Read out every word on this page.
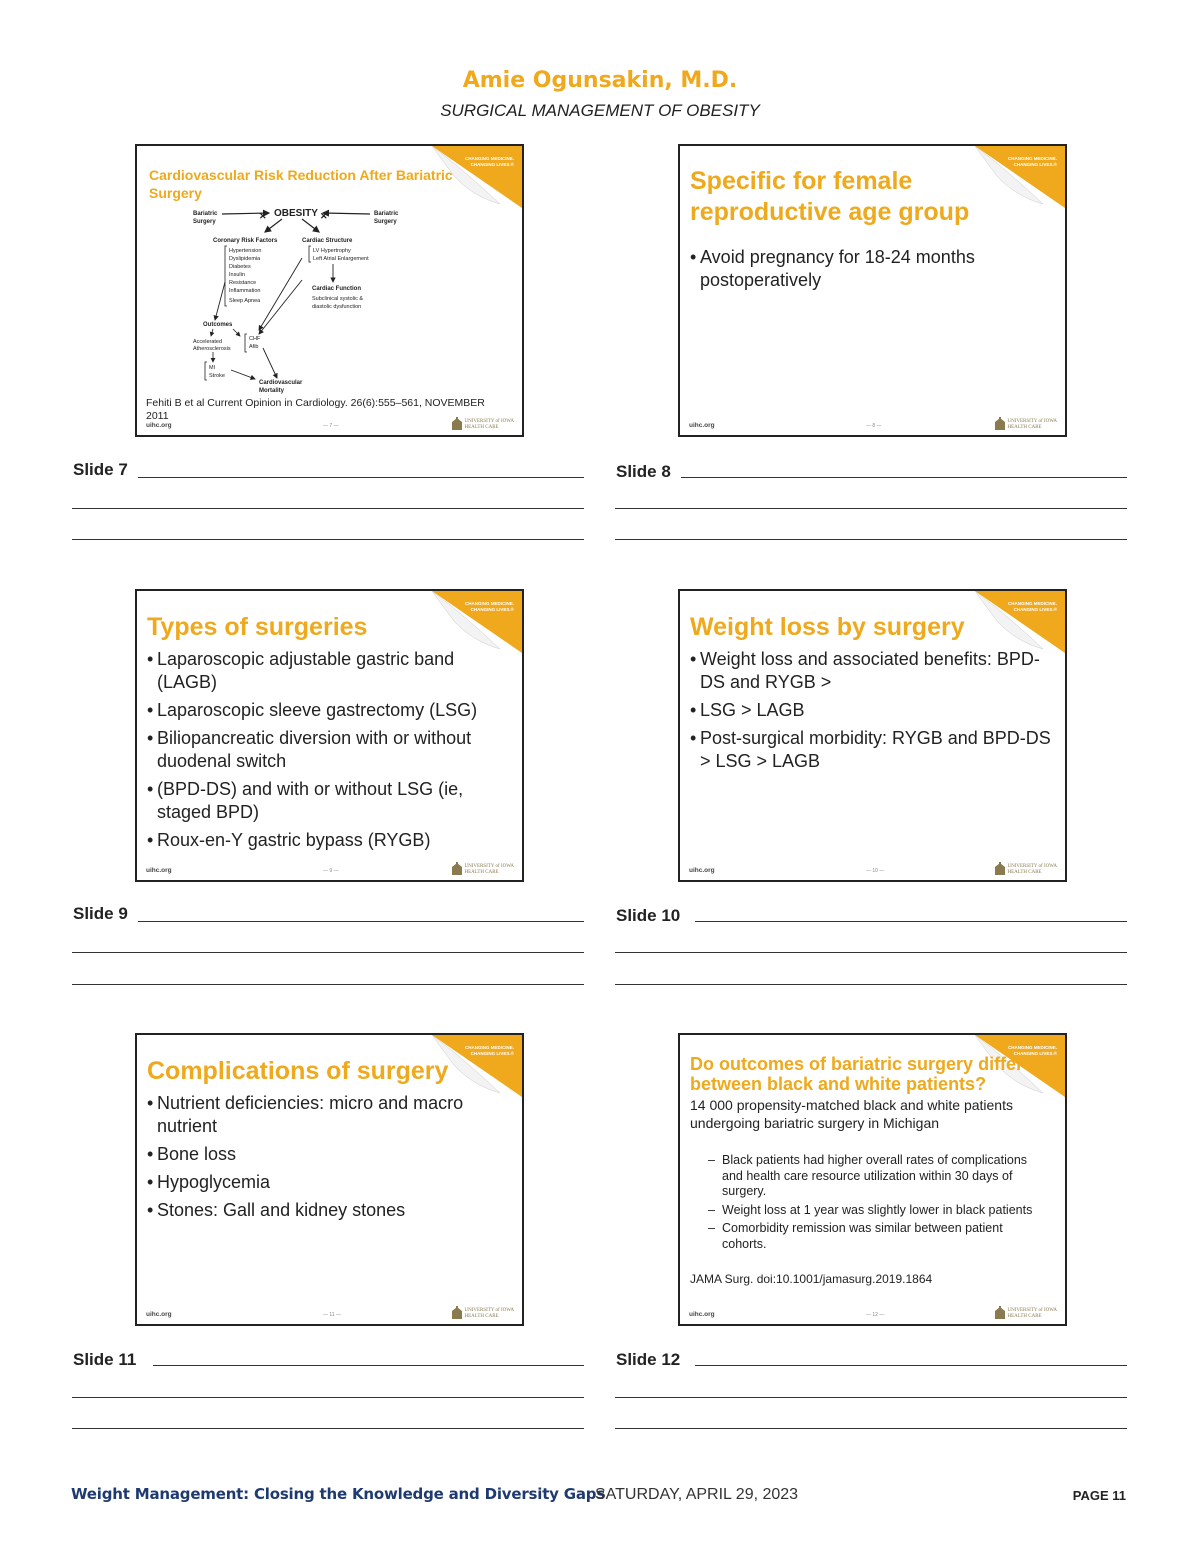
Amie Ogunsakin, M.D.
SURGICAL MANAGEMENT OF OBESITY
CHANGING MEDICINE. CHANGING LIVES.®
Cardiovascular Risk Reduction After Bariatric Surgery
OBESITY
Bariatric Surgery
Bariatric Surgery
✕	✕
Coronary Risk Factors
Hypertension Dyslipidemia Diabetes Insulin Resistance Inflammation Sleep Apnea
Cardiac Structure
LV Hypertrophy Left Atrial Enlargement
Cardiac Function
Subclinical systolic & diastolic dysfunction
Outcomes
Accelerated Atherosclerosis
CHF Afib
MI Stroke
Cardiovascular Mortality
Fehiti B et al Current Opinion in Cardiology. 26(6):555–561, NOVEMBER 2011
uihc.org	— 7 —
UNIVERSITY of IOWA
HEALTH CARE
Slide 7
CHANGING MEDICINE. CHANGING LIVES.®
Specific for female reproductive age group
• Avoid pregnancy for 18-24 months postoperatively
uihc.org	— 8 —
UNIVERSITY of IOWA
HEALTH CARE
Slide 8
CHANGING MEDICINE. CHANGING LIVES.®
Types of surgeries
• Laparoscopic adjustable gastric band (LAGB)
• Laparoscopic sleeve gastrectomy (LSG)
• Biliopancreatic diversion with or without duodenal switch
• (BPD-DS) and with or without LSG (ie, staged BPD)
• Roux-en-Y gastric bypass (RYGB)
uihc.org	— 9 —
UNIVERSITY of IOWA
HEALTH CARE
Slide 9
CHANGING MEDICINE. CHANGING LIVES.®
Weight loss by surgery
• Weight loss and associated benefits: BPD-DS and RYGB >
• LSG > LAGB
• Post-surgical morbidity: RYGB and BPD-DS > LSG > LAGB
uihc.org	— 10 —
UNIVERSITY of IOWA
HEALTH CARE
Slide 10
CHANGING MEDICINE. CHANGING LIVES.®
Complications of surgery
• Nutrient deficiencies: micro and macro nutrient
• Bone loss
• Hypoglycemia
• Stones: Gall and kidney stones
uihc.org	— 11 —
UNIVERSITY of IOWA
HEALTH CARE
Slide 11
CHANGING MEDICINE. CHANGING LIVES.®
Do outcomes of bariatric surgery differ between black and white patients?
14 000 propensity-matched black and white patients undergoing bariatric surgery in Michigan
– Black patients had higher overall rates of complications and health care resource utilization within 30 days of surgery.
– Weight loss at 1 year was slightly lower in black patients
– Comorbidity remission was similar between patient cohorts.
JAMA Surg. doi:10.1001/jamasurg.2019.1864
uihc.org	— 12 —
UNIVERSITY of IOWA
HEALTH CARE
Slide 12
Weight Management: Closing the Knowledge and Diversity Gaps
SATURDAY, APRIL 29, 2023	PAGE 11
